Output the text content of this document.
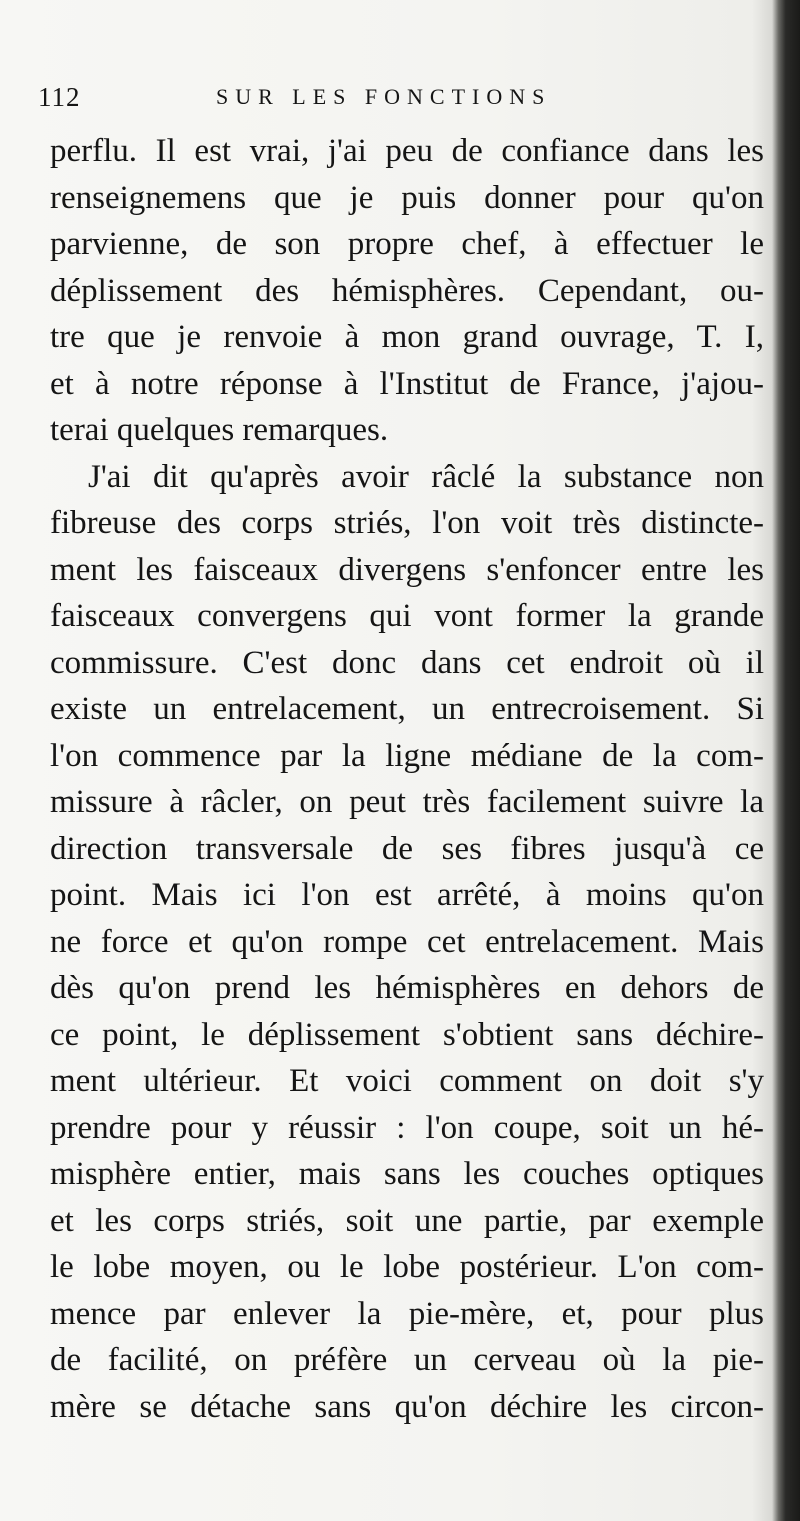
112	SUR LES FONCTIONS
perflu. Il est vrai, j'ai peu de confiance dans les
renseignemens que je puis donner pour qu'on
parvienne, de son propre chef, à effectuer le
déplissement des hémisphères. Cependant, ou-
tre que je renvoie à mon grand ouvrage, T. I,
et à notre réponse à l'Institut de France, j'ajou-
terai quelques remarques.
J'ai dit qu'après avoir râclé la substance non
fibreuse des corps striés, l'on voit très distincte-
ment les faisceaux divergens s'enfoncer entre les
faisceaux convergens qui vont former la grande
commissure. C'est donc dans cet endroit où il
existe un entrelacement, un entrecroisement. Si
l'on commence par la ligne médiane de la com-
missure à râcler, on peut très facilement suivre la
direction transversale de ses fibres jusqu'à ce
point. Mais ici l'on est arrêté, à moins qu'on
ne force et qu'on rompe cet entrelacement. Mais
dès qu'on prend les hémisphères en dehors de
ce point, le déplissement s'obtient sans déchire-
ment ultérieur. Et voici comment on doit s'y
prendre pour y réussir : l'on coupe, soit un hé-
misphère entier, mais sans les couches optiques
et les corps striés, soit une partie, par exemple
le lobe moyen, ou le lobe postérieur. L'on com-
mence par enlever la pie-mère, et, pour plus
de facilité, on préfère un cerveau où la pie-
mère se détache sans qu'on déchire les circon-
